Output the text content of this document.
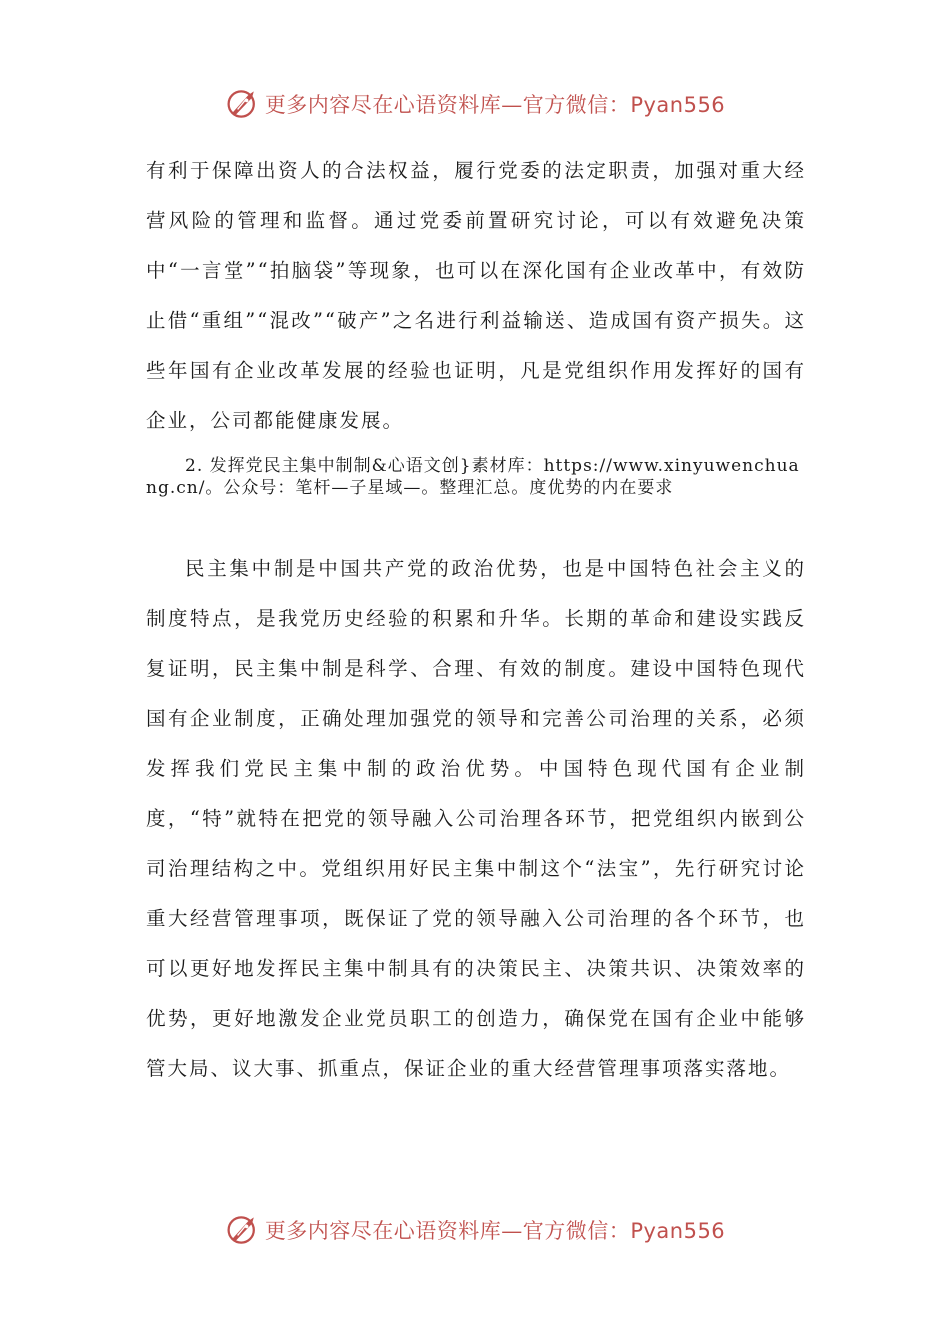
更多内容尽在心语资料库—官方微信：Pyan556

有利于保障出资人的合法权益，履行党委的法定职责，加强对重大经营风险的管理和监督。通过党委前置研究讨论，可以有效避免决策中“一言堂”“拍脑袋”等现象，也可以在深化国有企业改革中，有效防止借“重组”“混改”“破产”之名进行利益输送、造成国有资产损失。这些年国有企业改革发展的经验也证明，凡是党组织作用发挥好的国有企业，公司都能健康发展。

2. 发挥党民主集中制制&心语文创}素材库：https://www.xinyuwenchuang.cn/。公众号：笔杆—子星域—。整理汇总。度优势的内在要求

民主集中制是中国共产党的政治优势，也是中国特色社会主义的制度特点，是我党历史经验的积累和升华。长期的革命和建设实践反复证明，民主集中制是科学、合理、有效的制度。建设中国特色现代国有企业制度，正确处理加强党的领导和完善公司治理的关系，必须发挥我们党民主集中制的政治优势。中国特色现代国有企业制度，“特”就特在把党的领导融入公司治理各环节，把党组织内嵌到公司治理结构之中。党组织用好民主集中制这个“法宝”，先行研究讨论重大经营管理事项，既保证了党的领导融入公司治理的各个环节，也可以更好地发挥民主集中制具有的决策民主、决策共识、决策效率的优势，更好地激发企业党员职工的创造力，确保党在国有企业中能够管大局、议大事、抓重点，保证企业的重大经营管理事项落实落地。

更多内容尽在心语资料库—官方微信：Pyan556
